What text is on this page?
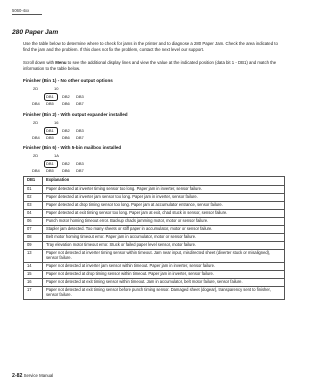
5060-4xx
280 Paper Jam
Use the table below to determine where to check for jams in the printer and to diagnose a 280 Paper Jam. Check the area indicated to find the jam and the problem. If this does not fix the problem, contact the next level our support.
Scroll down with Menu to see the additional display lines and view the value at the indicated position (data bit 1 - DB1) and match the information to the table below.
Finisher (Bin 1) - No other output options
2D	10
DB1 DB2 DB3
DB4 DB5 DB6 DB7
Finisher (Bin 2) - With output expander installed
2D	16
DB1 DB2 DB3
DB4 DB5 DB6 DB7
Finisher (Bin 6) - With 5-bin mailbox installed
2D	1A
DB1 DB2 DB3
DB4 DB5 DB6 DB7
DB1	Explanation
01	Paper detected at inverter timing sensor too long. Paper jam in inverter, sensor failure.
02	Paper detected at inverter jam sensor too long. Paper jam in inverter, sensor failure.
03	Paper detected at drop timing sensor too long. Paper jam at accumulator entrance, sensor failure.
04	Paper detected at exit timing sensor too long. Paper jam at exit, chad stuck in sensor, sensor failure.
06	Punch motor homing timeout error. Backup chads jamming motor, motor or sensor failure.
07	Stapler jam detected. Too many sheets or stiff paper in accumulator, motor or sensor failure.
08	Belt motor homing timeout error. Paper jam in accumulator, motor or sensor failure.
09	Tray elevation motor timeout error. Stuck or failed paper level sensor, motor failure.
13	Paper not detected at inverter timing sensor within timeout. Jam near input, misdirected sheet (diverter stuck or misaligned), sensor failure.
14	Paper not detected at inverter jam sensor within timeout. Paper jam in inverter, sensor failure.
15	Paper not detected at drop timing sensor within timeout. Paper jam in inverter, sensor failure.
16	Paper not detected at exit timing sensor within timeout. Jam in accumulator, belt motor failure, sensor failure.
17	Paper not detected at exit timing sensor before punch timing sensor. Damaged sheet (dogear), transparency sent to finisher, sensor failure.
2-82 Service Manual
